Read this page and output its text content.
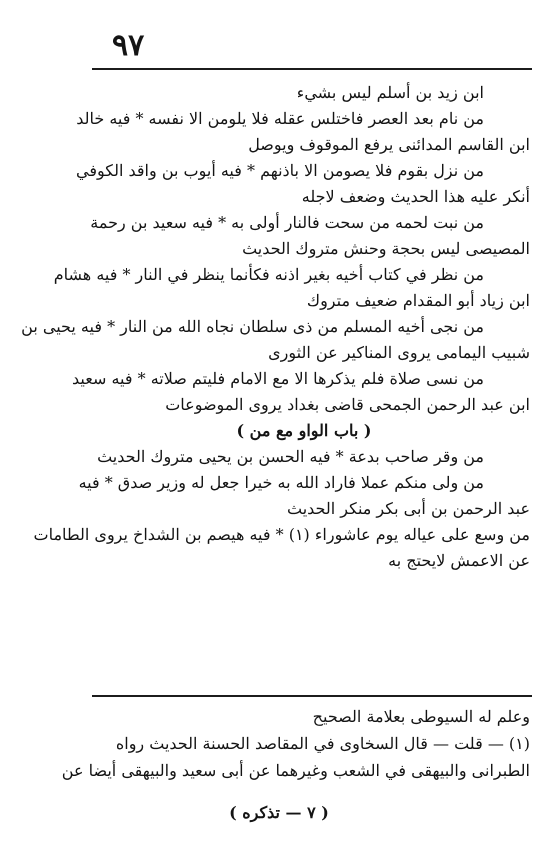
٩٧
ابن زيد بن أسلم ليس بشيء
من نام بعد العصر فاختلس عقله فلا يلومن الا نفسه * فيه خالد
ابن القاسم المدائنى يرفع الموقوف ويوصل
من نزل بقوم فلا يصومن الا باذنهم * فيه أيوب بن واقد الكوفي
أنكر عليه هذا الحديث وضعف لاجله
من نبت لحمه من سحت فالنار أولى به * فيه سعيد بن رحمة
المصيصى ليس بحجة وحنش متروك الحديث
من نظر في كتاب أخيه بغير اذنه فكأنما ينظر في النار * فيه هشام
ابن زياد أبو المقدام ضعيف متروك
من نجى أخيه المسلم من ذى سلطان نجاه الله من النار * فيه يحيى بن
شبيب اليمامى يروى المناكير عن الثورى
من نسى صلاة فلم يذكرها الا مع الامام فليتم صلاته * فيه سعيد
ابن عبد الرحمن الجمحى قاضى بغداد يروى الموضوعات
( باب الواو مع من )
من وقر صاحب بدعة * فيه الحسن بن يحيى متروك الحديث
من ولى منكم عملا فاراد الله به خيرا جعل له وزير صدق * فيه
عبد الرحمن بن أبى بكر منكر الحديث
من وسع على عياله يوم عاشوراء (١) * فيه هيصم بن الشداخ يروى الطامات
عن الاعمش لايحتج به
وعلم له السيوطى بعلامة الصحيح
(١) — قلت — قال السخاوى في المقاصد الحسنة الحديث رواه
الطبرانى والبيهقى في الشعب وغيرهما عن أبى سعيد والبيهقى أيضا عن
( ٧ — تذكره )
